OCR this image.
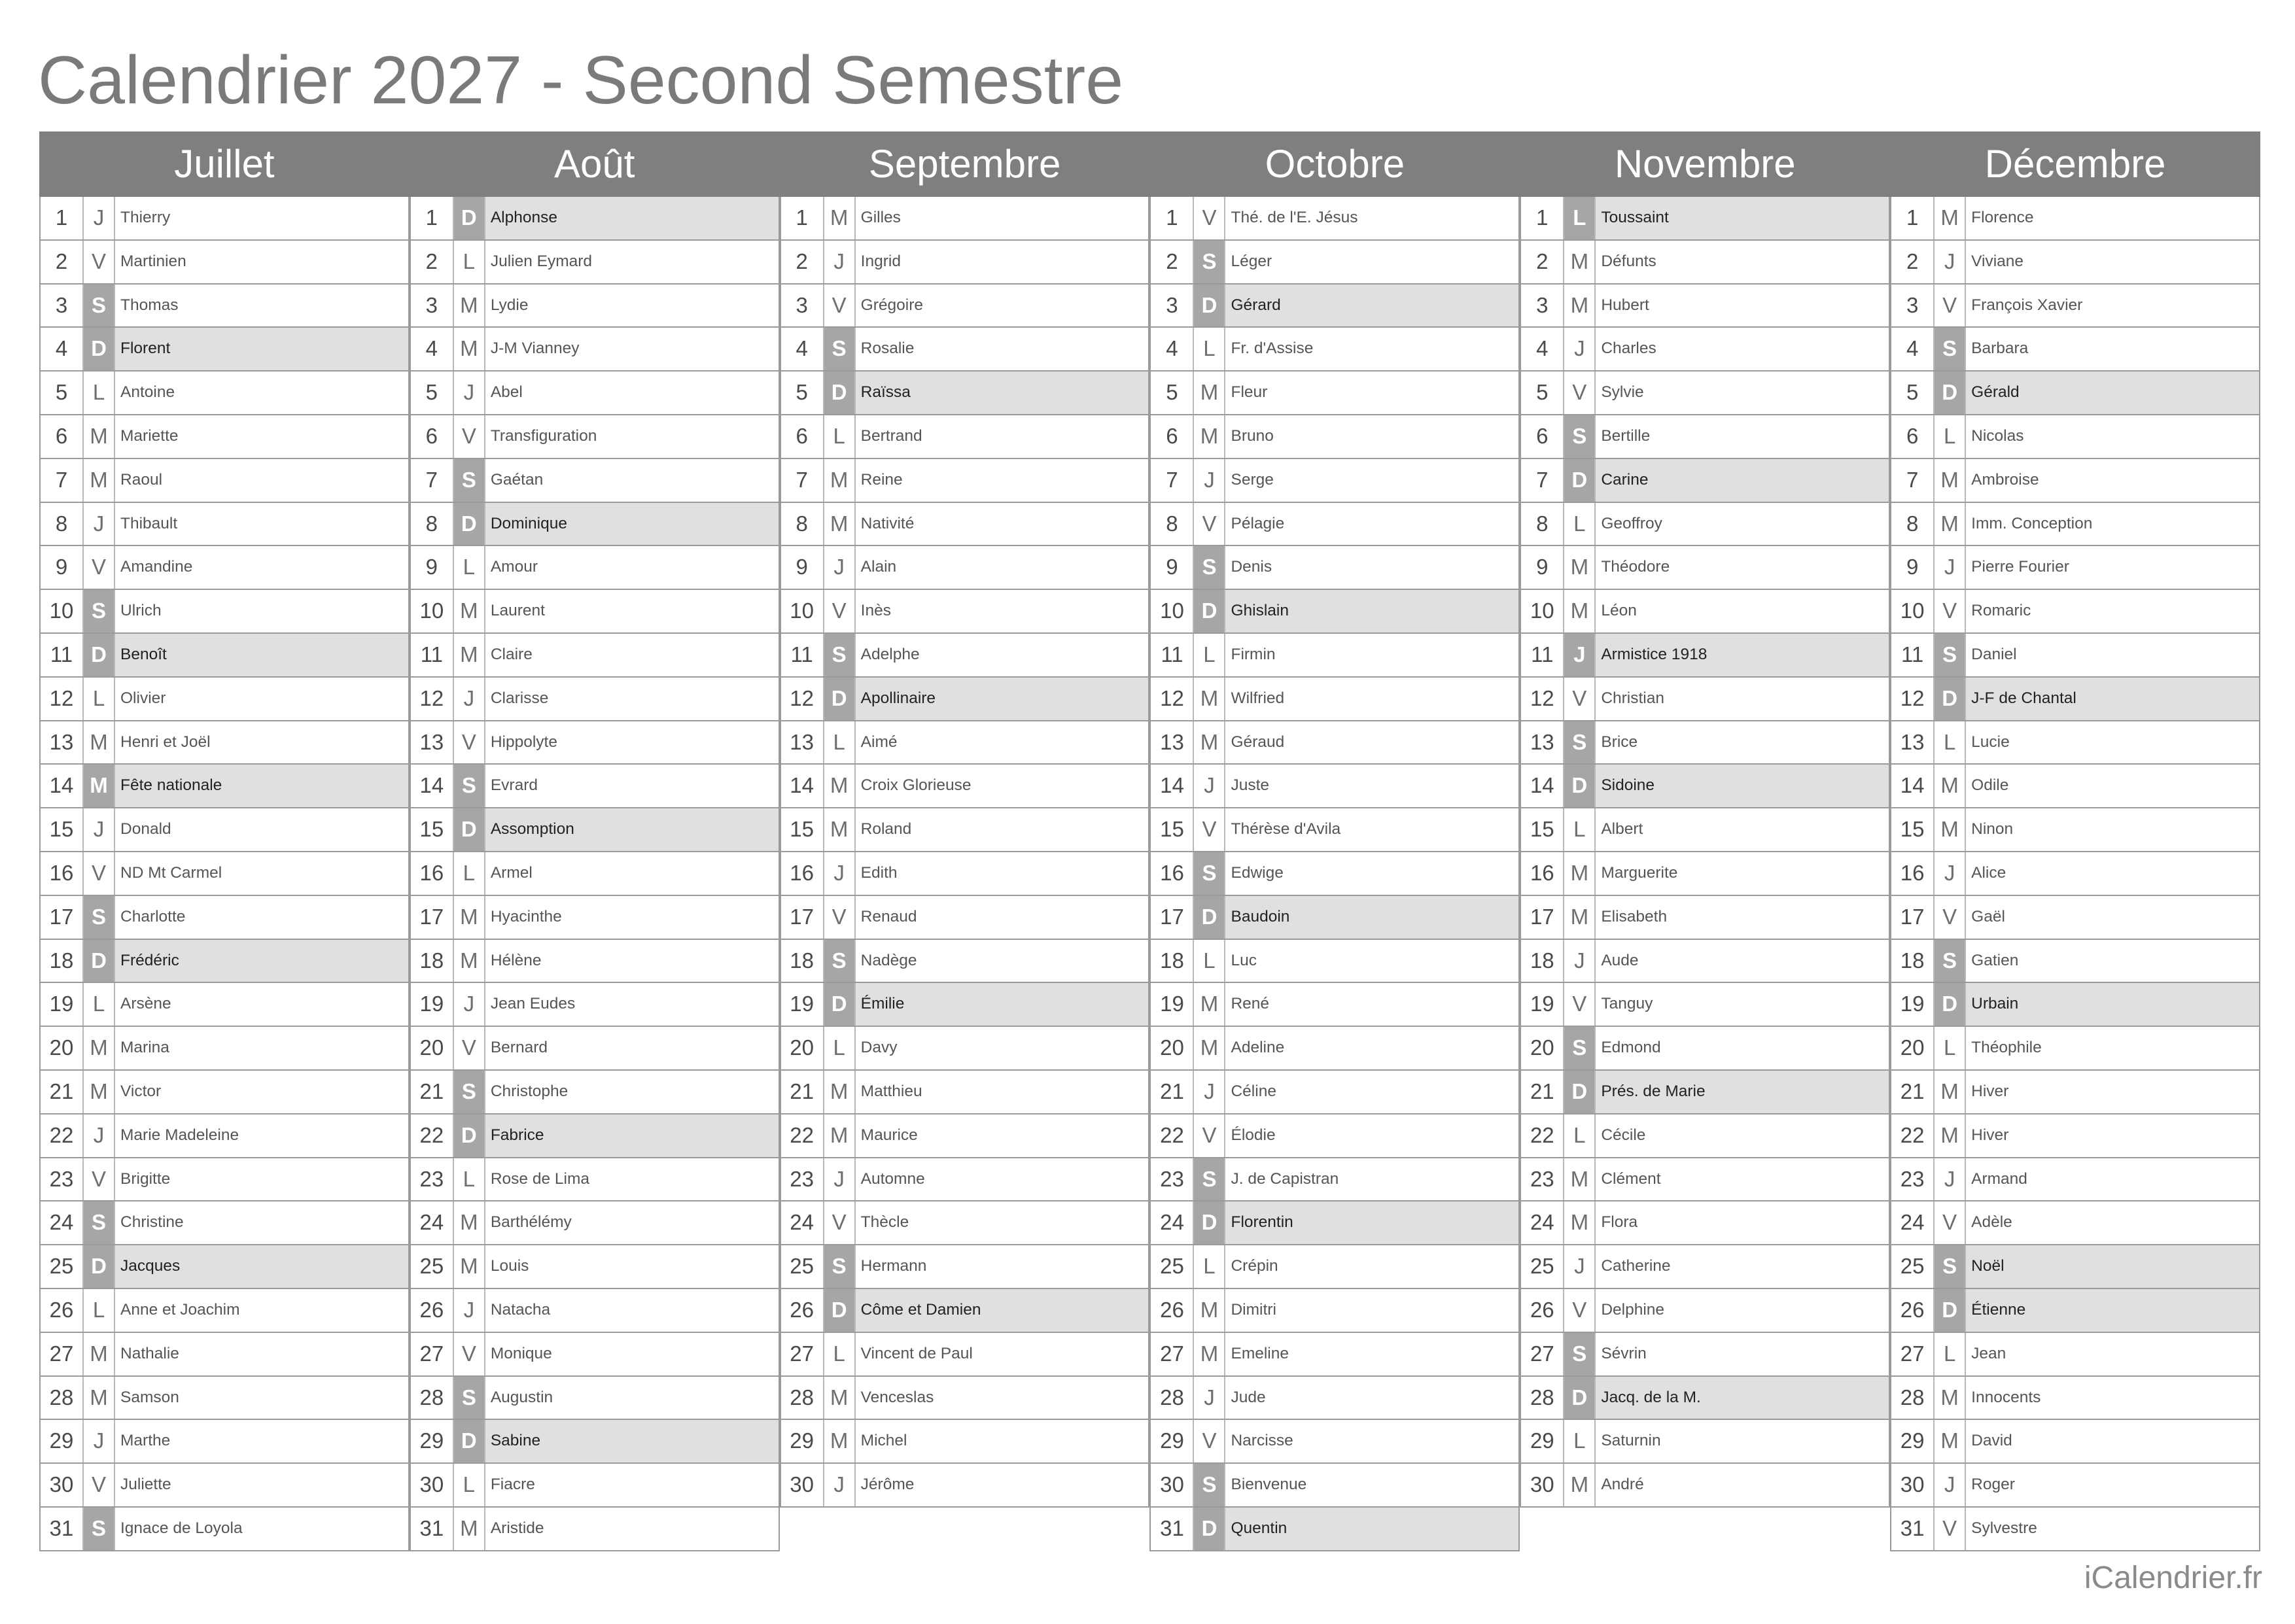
Calendrier 2027 - Second Semestre
Juillet	Août	Septembre	Octobre	Novembre	Décembre
1	J	Thierry
2	V Martinien
3	S Thomas
4	D Florent
5	L Antoine
6	M Mariette
7	M Raoul
8	J	Thibault
9	V Amandine
10 S Ulrich
11 D Benoît
12 L Olivier
13 M Henri et Joël
14 M Fête nationale
15 J	Donald
16 V ND Mt Carmel
17 S Charlotte
18 D Frédéric
19 L Arsène
20 M Marina
21 M Victor
22 J	Marie Madeleine
23 V Brigitte
24 S Christine
25 D Jacques
26 L Anne et Joachim
27 M Nathalie
28 M Samson
29 J	Marthe
30 V Juliette
31 S Ignace de Loyola
1	D Alphonse
2	L Julien Eymard
3	M Lydie
4	M J-M Vianney
5	J	Abel
6	V Transfiguration
7	S Gaétan
8	D Dominique
9	L Amour
10 M Laurent
11 M Claire
12 J	Clarisse
13 V Hippolyte
14 S Evrard
15 D Assomption
16 L Armel
17 M Hyacinthe
18 M Hélène
19 J	Jean Eudes
20 V Bernard
21 S Christophe
22 D Fabrice
23 L Rose de Lima
24 M Barthélémy
25 M Louis
26 J	Natacha
27 V Monique
28 S Augustin
29 D Sabine
30 L Fiacre
31 M Aristide
1	M Gilles
2	J	Ingrid
3	V Grégoire
4	S Rosalie
5	D Raïssa
6	L Bertrand
7	M Reine
8	M Nativité
9	J	Alain
10 V Inès
11 S Adelphe
12 D Apollinaire
13 L Aimé
14 M Croix Glorieuse
15 M Roland
16 J	Edith
17 V Renaud
18 S Nadège
19 D Émilie
20 L Davy
21 M Matthieu
22 M Maurice
23 J	Automne
24 V Thècle
25 S Hermann
26 D Côme et Damien
27 L Vincent de Paul
28 M Venceslas
29 M Michel
30 J	Jérôme
1	V Thé. de l'E. Jésus
2	S Léger
3	D Gérard
4	L Fr. d'Assise
5	M Fleur
6	M Bruno
7	J	Serge
8	V Pélagie
9	S Denis
10 D Ghislain
11 L Firmin
12 M Wilfried
13 M Géraud
14 J	Juste
15 V Thérèse d'Avila
16 S Edwige
17 D Baudoin
18 L Luc
19 M René
20 M Adeline
21 J	Céline
22 V Élodie
23 S J. de Capistran
24 D Florentin
25 L Crépin
26 M Dimitri
27 M Emeline
28 J	Jude
29 V Narcisse
30 S Bienvenue
31 D Quentin
1	L Toussaint
2	M Défunts
3	M Hubert
4	J	Charles
5	V Sylvie
6	S Bertille
7	D Carine
8	L Geoffroy
9	M Théodore
10 M Léon
11 J Armistice 1918
12 V Christian
13 S Brice
14 D Sidoine
15 L Albert
16 M Marguerite
17 M Elisabeth
18 J	Aude
19 V Tanguy
20 S Edmond
21 D Prés. de Marie
22 L Cécile
23 M Clément
24 M Flora
25 J	Catherine
26 V Delphine
27 S Sévrin
28 D Jacq. de la M.
29 L Saturnin
30 M André
1	M Florence
2	J	Viviane
3	V François Xavier
4	S Barbara
5	D Gérald
6	L Nicolas
7	M Ambroise
8	M Imm. Conception
9	J	Pierre Fourier
10 V Romaric
11 S Daniel
12 D J-F de Chantal
13 L Lucie
14 M Odile
15 M Ninon
16 J	Alice
17 V Gaël
18 S Gatien
19 D Urbain
20 L Théophile
21 M Hiver
22 M Hiver
23 J	Armand
24 V Adèle
25 S Noël
26 D Étienne
27 L Jean
28 M Innocents
29 M David
30 J	Roger
31 V Sylvestre
iCalendrier.fr
